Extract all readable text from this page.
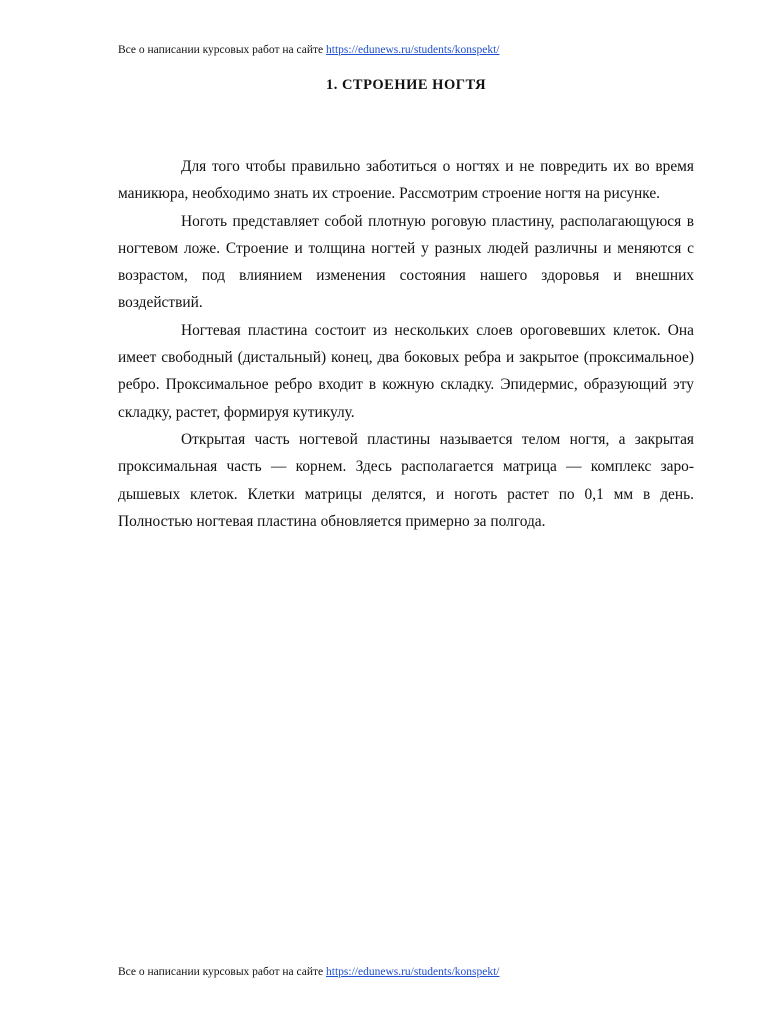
Все о написании курсовых работ на сайте https://edunews.ru/students/konspekt/
1. СТРОЕНИЕ НОГТЯ

Для того чтобы правильно заботиться о ногтях и не повредить их во время маникюра, необходимо знать их строение. Рассмотрим строение ногтя на рисунке.

Ноготь представляет собой плотную роговую пластину, располагающуюся в ногтевом ложе. Строение и толщина ногтей у разных людей различны и меняются с возрастом, под влиянием изменения состояния нашего здоровья и внешних воздействий.

Ногтевая пластина состоит из нескольких слоев ороговевших клеток. Она имеет свободный (дистальный) конец, два боковых ребра и закрытое (проксимальное) ребро. Проксимальное ребро входит в кожную складку. Эпидермис, образующий эту складку, растет, формируя кутикулу.

Открытая часть ногтевой пластины называется телом ногтя, а закрытая проксимальная часть — корнем. Здесь располагается матрица — комплекс заро-дышевых клеток. Клетки матрицы делятся, и ноготь растет по 0,1 мм в день. Полностью ногтевая пластина обновляется примерно за полгода.

Все о написании курсовых работ на сайте https://edunews.ru/students/konspekt/
